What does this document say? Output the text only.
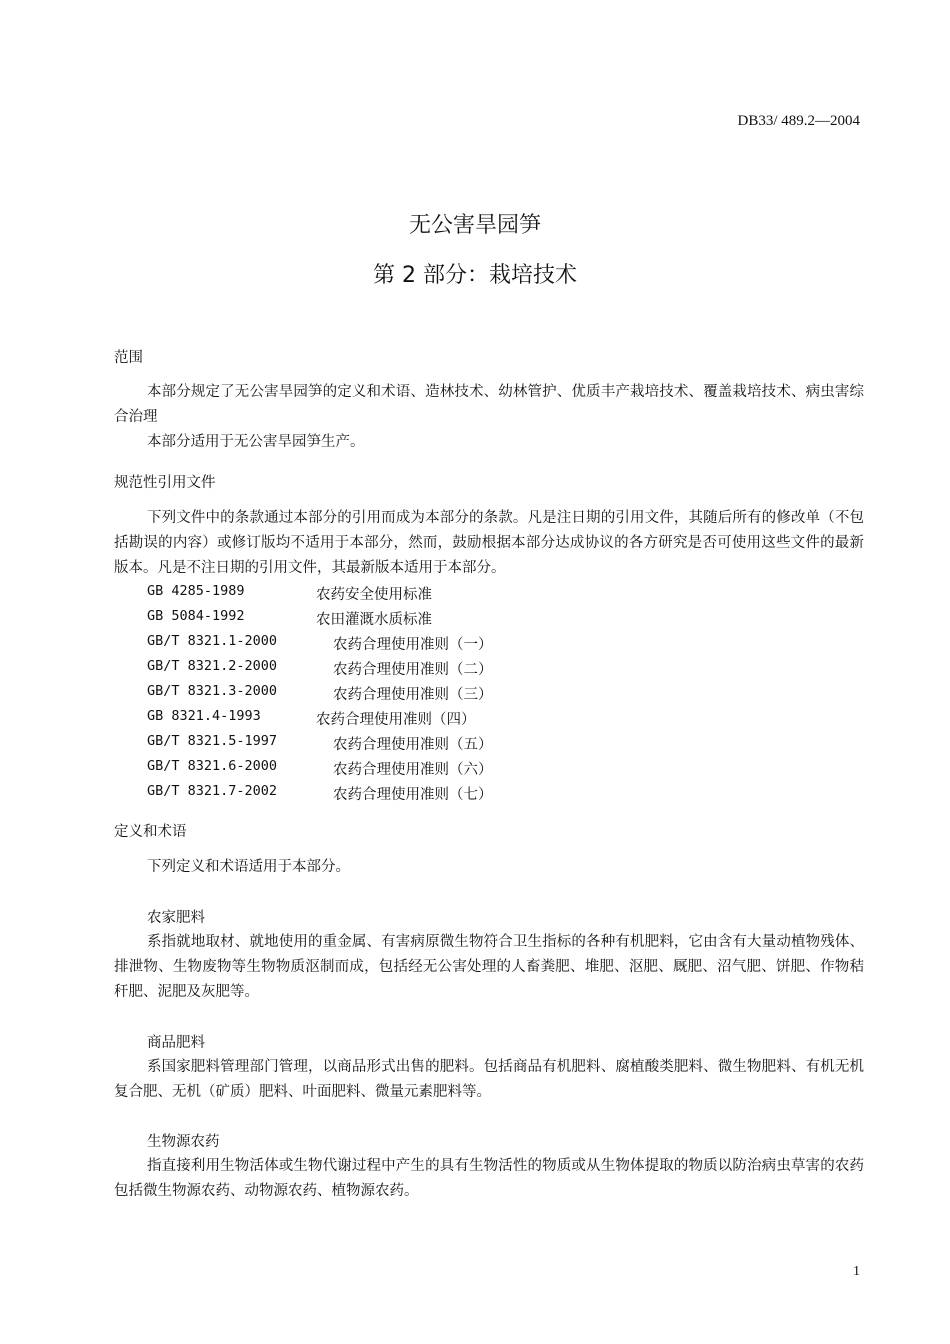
DB33/ 489.2—2004
无公害旱园笋
第 2 部分：栽培技术
范围

本部分规定了无公害旱园笋的定义和术语、造林技术、幼林管护、优质丰产栽培技术、覆盖栽培技术、病虫害综合治理

本部分适用于无公害旱园笋生产。

规范性引用文件

下列文件中的条款通过本部分的引用而成为本部分的条款。凡是注日期的引用文件，其随后所有的修改单（不包括勘误的内容）或修订版均不适用于本部分，然而，鼓励根据本部分达成协议的各方研究是否可使用这些文件的最新版本。凡是不注日期的引用文件，其最新版本适用于本部分。

GB 4285-1989	农药安全使用标准
GB 5084-1992	农田灌溉水质标准
GB/T 8321.1-2000	农药合理使用准则（一）
GB/T 8321.2-2000	农药合理使用准则（二）
GB/T 8321.3-2000	农药合理使用准则（三）
GB 8321.4-1993	农药合理使用准则（四）
GB/T 8321.5-1997	农药合理使用准则（五）
GB/T 8321.6-2000	农药合理使用准则（六）
GB/T 8321.7-2002	农药合理使用准则（七）
定义和术语

下列定义和术语适用于本部分。

农家肥料

系指就地取材、就地使用的重金属、有害病原微生物符合卫生指标的各种有机肥料，它由含有大量动植物残体、排泄物、生物废物等生物物质沤制而成，包括经无公害处理的人畜粪肥、堆肥、沤肥、厩肥、沼气肥、饼肥、作物秸秆肥、泥肥及灰肥等。

商品肥料

系国家肥料管理部门管理，以商品形式出售的肥料。包括商品有机肥料、腐植酸类肥料、微生物肥料、有机无机复合肥、无机（矿质）肥料、叶面肥料、微量元素肥料等。

生物源农药

指直接利用生物活体或生物代谢过程中产生的具有生物活性的物质或从生物体提取的物质以防治病虫草害的农药包括微生物源农药、动物源农药、植物源农药。

1
